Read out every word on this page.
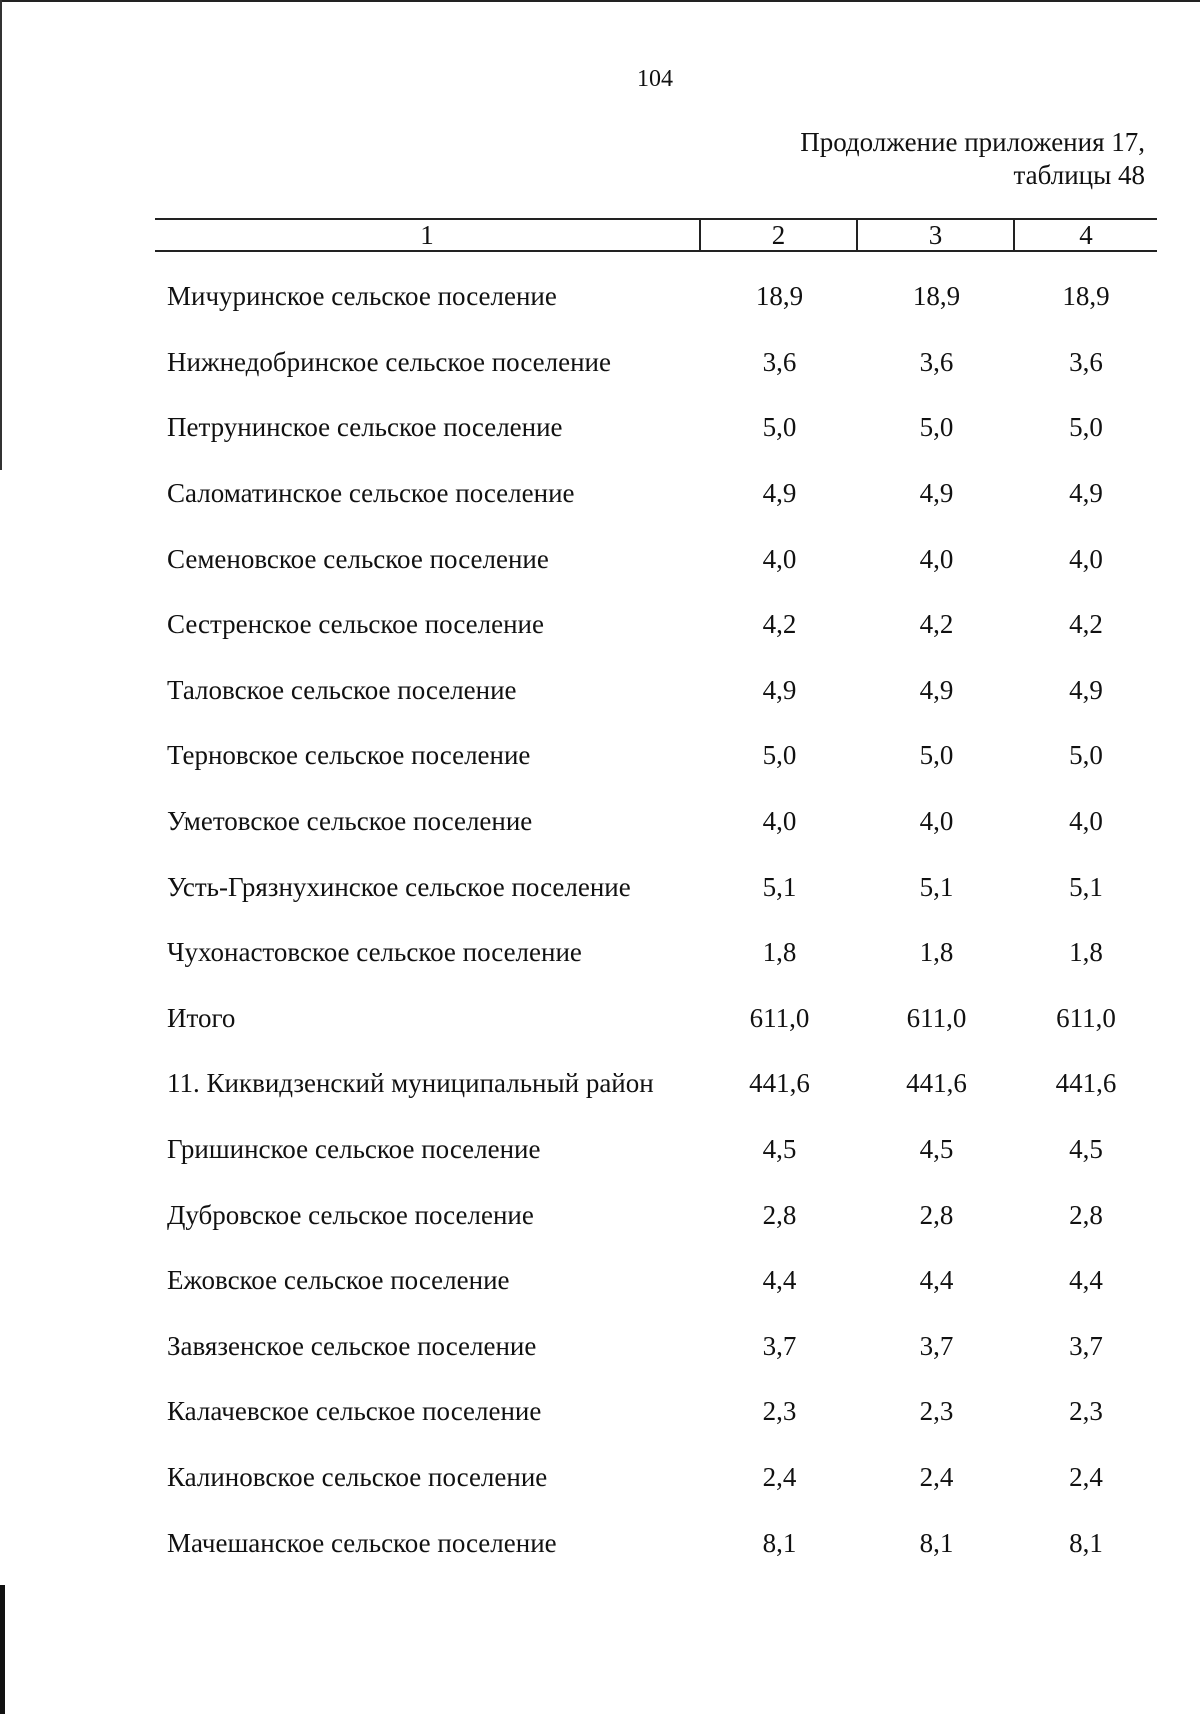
104
Продолжение приложения 17,
таблицы 48
1	2	3	4
Мичуринское сельское поселение	18,9	18,9	18,9
Нижнедобринское сельское поселение	3,6	3,6	3,6
Петрунинское сельское поселение	5,0	5,0	5,0
Саломатинское сельское поселение	4,9	4,9	4,9
Семеновское сельское поселение	4,0	4,0	4,0
Сестренское сельское поселение	4,2	4,2	4,2
Таловское сельское поселение	4,9	4,9	4,9
Терновское сельское поселение	5,0	5,0	5,0
Уметовское сельское поселение	4,0	4,0	4,0
Усть-Грязнухинское сельское поселение	5,1	5,1	5,1
Чухонастовское сельское поселение	1,8	1,8	1,8
Итого	611,0	611,0	611,0
11. Киквидзенский муниципальный район	441,6	441,6	441,6
Гришинское сельское поселение	4,5	4,5	4,5
Дубровское сельское поселение	2,8	2,8	2,8
Ежовское сельское поселение	4,4	4,4	4,4
Завязенское сельское поселение	3,7	3,7	3,7
Калачевское сельское поселение	2,3	2,3	2,3
Калиновское сельское поселение	2,4	2,4	2,4
Мачешанское сельское поселение	8,1	8,1	8,1
